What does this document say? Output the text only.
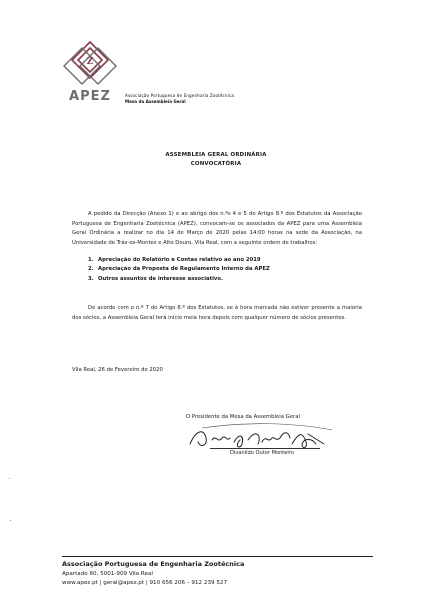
Z
APEZ	Associação Portuguesa de Engenharia Zootécnica
Mesa da Assembleia Geral
ASSEMBLEIA GERAL ORDINÁRIA
CONVOCATÓRIA

A pedido da Direcção (Anexo 1) e ao abrigo dos n.ºs 4 e 5 do Artigo 8.º dos Estatutos da Associação Portuguesa de Engenharia Zootécnica (APEZ), convocam-se os associados da APEZ para uma Assembleia Geral Ordinária a realizar no dia 14 de Março de 2020 pelas 14:00 horas na sede da Associação, na Universidade de Trás-os-Montes e Alto Douro, Vila Real, com a seguinte ordem de trabalhos:

1. Apreciação do Relatório e Contas relativo ao ano 2019
2. Apreciação da Proposta de Regulamento Interno da APEZ
3. Outros assuntos de interesse associativo.

De acordo com o n.º 7 do Artigo 8.º dos Estatutos, se à hora marcada não estiver presente a maioria dos sócios, a Assembleia Geral terá início meia hora depois com qualquer número de sócios presentes.

Vila Real, 26 de Fevereiro de 2020
O Presidente da Mesa da Assembleia Geral
Divanildo Outor Monteiro
Associação Portuguesa de Engenharia Zootécnica
Apartado 60, 5001-909 Vila Real
www.apez.pt | geral@apez.pt | 910 656 206 – 912 239 527
